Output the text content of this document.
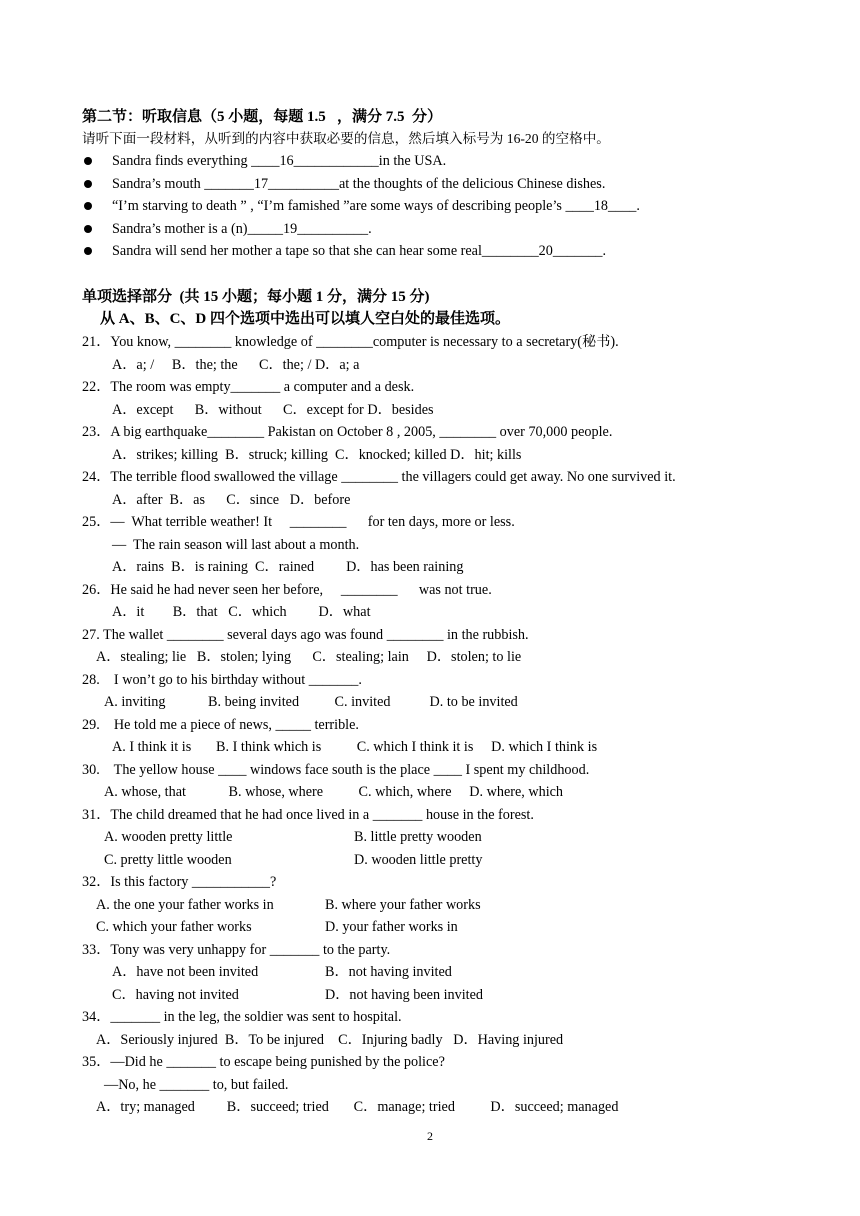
第二节：听取信息（5 小题，每题 1.5   ，满分 7.5  分）
请听下面一段材料，从听到的内容中获取必要的信息，然后填入标号为 16-20 的空格中。
Sandra finds everything ____16____________in the USA.
Sandra’s mouth _______17__________at the thoughts of the delicious Chinese dishes.
“I’m starving to death ” , “I’m famished ”are some ways of describing people’s ____18____.
Sandra’s mother is a (n)_____19__________.
Sandra will send her mother a tape so that she can hear some real________20_______.
单项选择部分  (共 15 小题；每小题 1 分，满分 15 分)
从 A、B、C、D 四个选项中选出可以填人空白处的最佳选项。
21．You know, ________ knowledge of ________computer is necessary to a secretary(秘书).
A．a; /     B．the; the      C．the; / D．a; a
22．The room was empty_______ a computer and a desk.
A．except      B．without      C．except for D．besides
23．A big earthquake________ Pakistan on October 8 , 2005, ________ over 70,000 people.
A．strikes; killing  B．struck; killing  C．knocked; killed D．hit; kills
24．The terrible flood swallowed the village ________ the villagers could get away. No one survived it.
A．after  B．as      C．since   D．before
25．—  What terrible weather! It     ________      for ten days, more or less.
—  The rain season will last about a month.
A．rains  B．is raining  C．rained         D．has been raining
26．He said he had never seen her before,     ________      was not true.
A．it        B．that   C．which         D．what
27. The wallet ________ several days ago was found ________ in the rubbish.
A．stealing; lie   B．stolen; lying      C．stealing; lain     D．stolen; to lie
28.    I won’t go to his birthday without _______.
A. inviting            B. being invited          C. invited           D. to be invited
29.    He told me a piece of news, _____ terrible.
A. I think it is       B. I think which is          C. which I think it is     D. which I think is
30.    The yellow house ____ windows face south is the place ____ I spent my childhood.
A. whose, that            B. whose, where          C. which, where     D. where, which
31．The child dreamed that he had once lived in a _______ house in the forest.
A. wooden pretty little	B. little pretty wooden
C. pretty little wooden	D. wooden little pretty
32．Is this factory ___________?
A. the one your father works in	B. where your father works
C. which your father works	D. your father works in
33．Tony was very unhappy for _______ to the party.
A．have not been invited	B．not having invited
C．having not invited	D．not having been invited
34．_______ in the leg, the soldier was sent to hospital.
A．Seriously injured  B．To be injured    C．Injuring badly   D．Having injured
35．—Did he _______ to escape being punished by the police?
—No, he _______ to, but failed.
A．try; managed         B．succeed; tried       C．manage; tried          D．succeed; managed
2
